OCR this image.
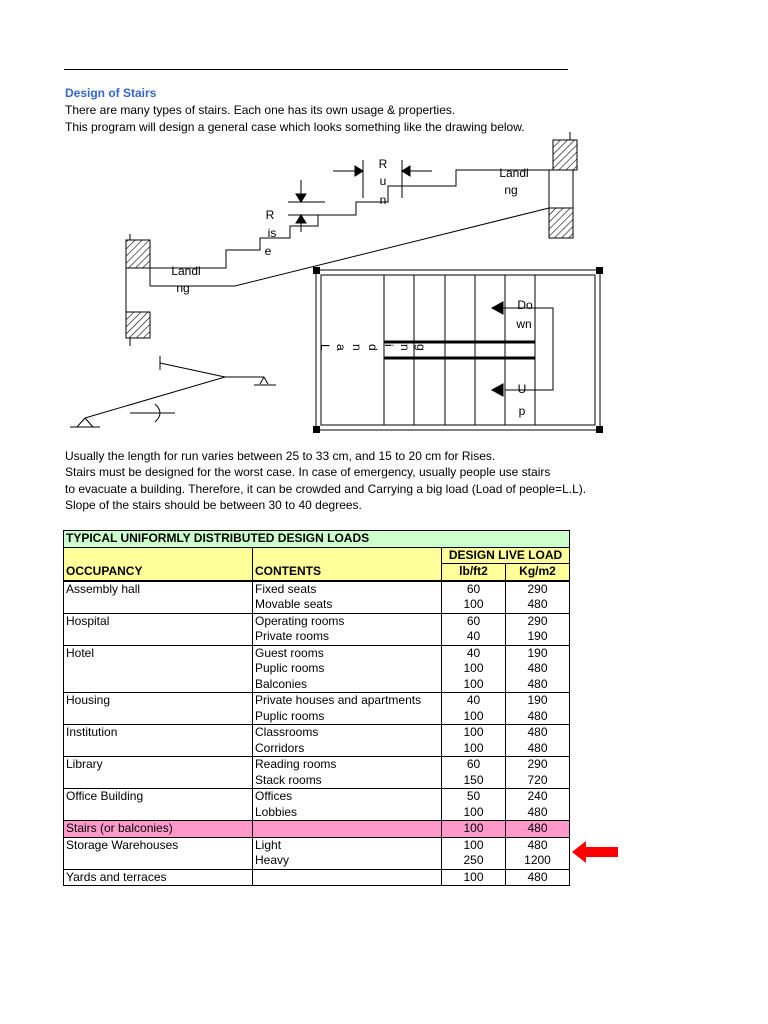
Design of Stairs
There are many types of stairs. Each one has its own usage & properties.
This program will design a general case which looks something like the drawing below.
R
u
n
R
is
e
Landi
ng
Landi
ng
Do
wn
U
p
L a n d i n g
Usually the length for run varies between 25 to 33 cm, and 15 to 20 cm for Rises.
Stairs must be designed for the worst case. In case of emergency, usually people use stairs
to evacuate a building. Therefore, it can be crowded and Carrying a big load (Load of people=L.L).
Slope of the stairs should be between 30 to 40 degrees.
TYPICAL UNIFORMLY DISTRIBUTED DESIGN LOADS			
		DESIGN LIVE LOAD	
OCCUPANCY	CONTENTS	lb/ft2	Kg/m2
Assembly hall	Fixed seats	60	290
	Movable seats	100	480
Hospital	Operating rooms	60	290
	Private rooms	40	190
Hotel	Guest rooms	40	190
	Puplic rooms	100	480
	Balconies	100	480
Housing	Private houses and apartments	40	190
	Puplic rooms	100	480
Institution	Classrooms	100	480
	Corridors	100	480
Library	Reading rooms	60	290
	Stack rooms	150	720
Office Building	Offices	50	240
	Lobbies	100	480
Stairs (or balconies)		100	480
Storage Warehouses	Light	100	480
	Heavy	250	1200
Yards and terraces		100	480
